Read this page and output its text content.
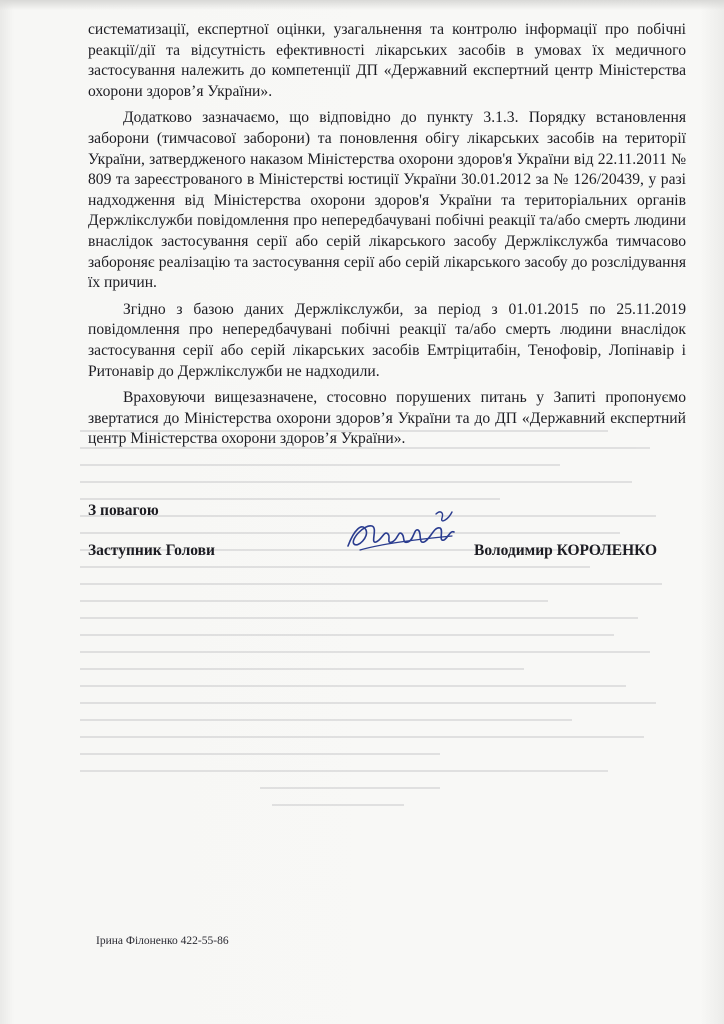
систематизації, експертної оцінки, узагальнення та контролю інформації про побічні реакції/дії та відсутність ефективності лікарських засобів в умовах їх медичного застосування належить до компетенції ДП «Державний експертний центр Міністерства охорони здоров’я України».

Додатково зазначаємо, що відповідно до пункту 3.1.3. Порядку встановлення заборони (тимчасової заборони) та поновлення обігу лікарських засобів на території України, затвердженого наказом Міністерства охорони здоров'я України від 22.11.2011 № 809 та зареєстрованого в Міністерстві юстиції України 30.01.2012 за № 126/20439, у разі надходження від Міністерства охорони здоров'я України та територіальних органів Держлікслужби повідомлення про непередбачувані побічні реакції та/або смерть людини внаслідок застосування серії або серій лікарського засобу Держлікслужба тимчасово забороняє реалізацію та застосування серії або серій лікарського засобу до розслідування їх причин.

Згідно з базою даних Держлікслужби, за період з 01.01.2015 по 25.11.2019 повідомлення про непередбачувані побічні реакції та/або смерть людини внаслідок застосування серії або серій лікарських засобів Емтріцитабін, Тенофовір, Лопінавір і Ритонавір до Держлікслужби не надходили.

Враховуючи вищезазначене, стосовно порушених питань у Запиті пропонуємо звертатися до Міністерства охорони здоров’я України та до ДП «Державний експертний центр Міністерства охорони здоров’я України».

З повагою
Заступник Голови	Володимир КОРОЛЕНКО
Ірина Філоненко 422-55-86
